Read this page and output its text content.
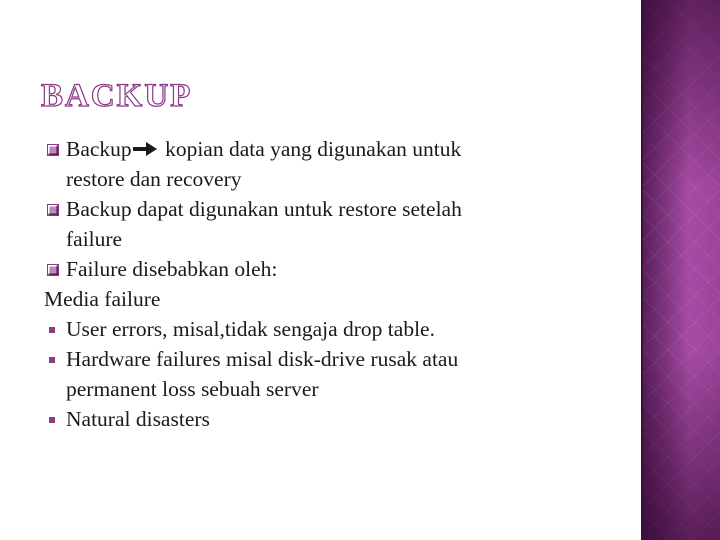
BACKUP
Backup kopian data yang digunakan untuk
restore dan recovery
Backup dapat digunakan untuk restore setelah
failure
Failure disebabkan oleh:
Media failure
User errors, misal,tidak sengaja drop table.
Hardware failures misal disk-drive rusak atau
permanent loss sebuah server
Natural disasters
